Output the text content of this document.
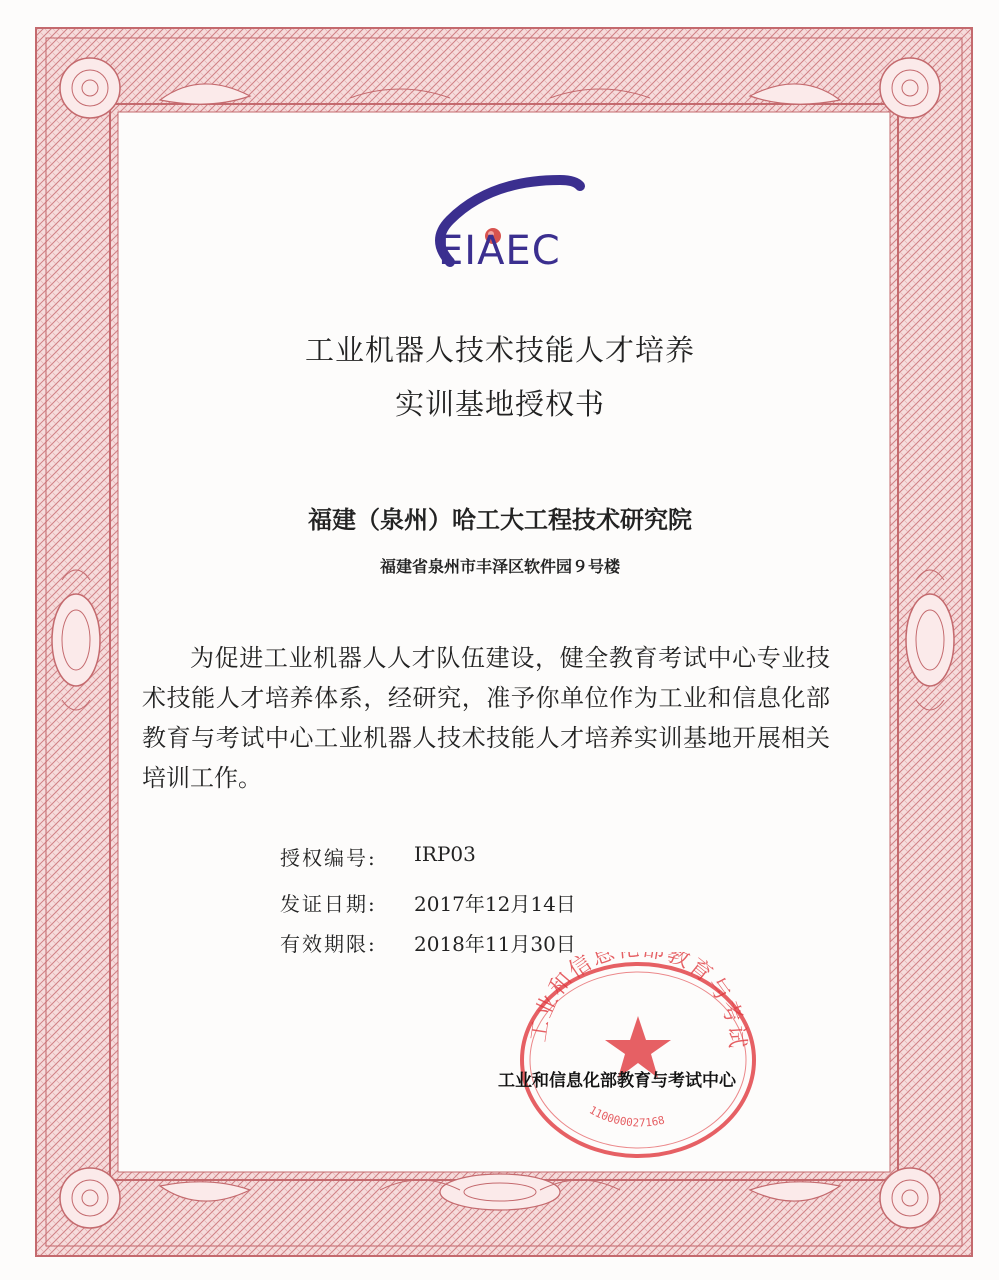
EIAEC
工业机器人技术技能人才培养
实训基地授权书
福建（泉州）哈工大工程技术研究院
福建省泉州市丰泽区软件园９号楼
为促进工业机器人人才队伍建设，健全教育考试中心专业技术技能人才培养体系，经研究，准予你单位作为工业和信息化部教育与考试中心工业机器人技术技能人才培养实训基地开展相关培训工作。
授权编号:	IRP03
发证日期:	2017年12月14日
有效期限:	2018年11月30日
工业和信息 教育与考试
110000027168
工业和信息化部教育与考试中心
